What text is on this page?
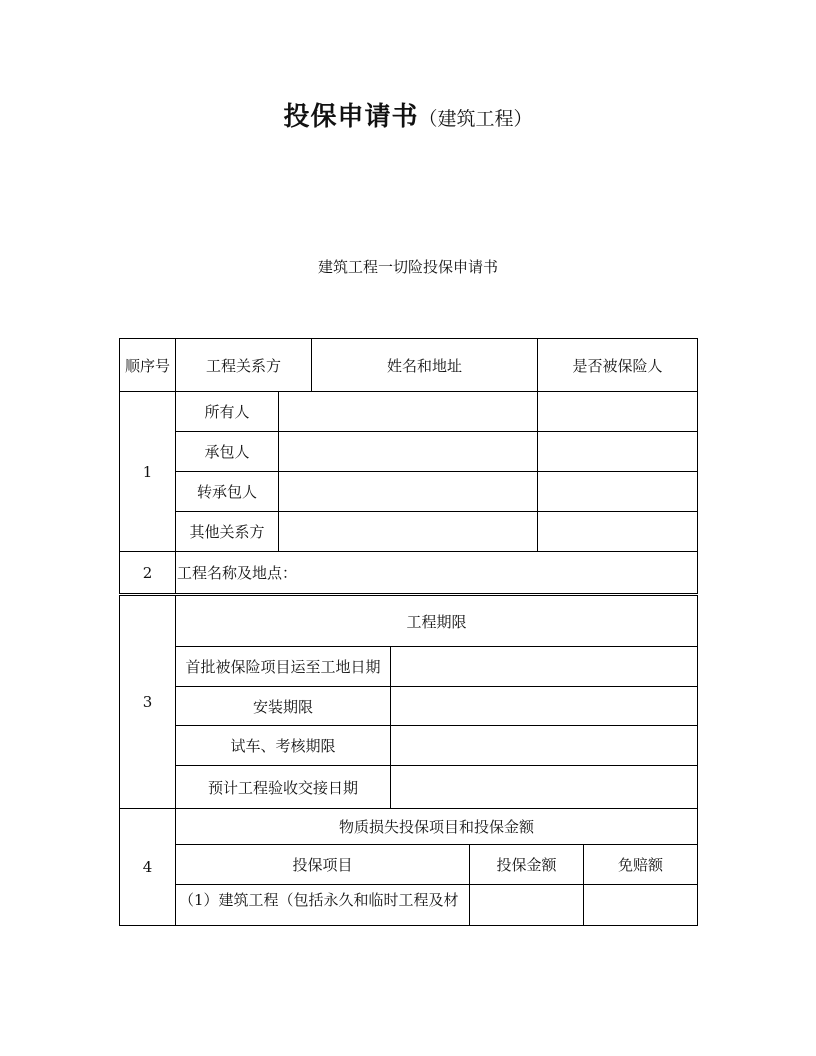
投保申请书（建筑工程）
建筑工程一切险投保申请书
顺序号	工程关系方		姓名和地址	是否被保险人
1	所有人			
	承包人			
	转承包人			
	其他关系方			
2	工程名称及地点：			
3	工程期限	
	首批被保险项目运至工地日期	
	安装期限	
	试车、考核期限	
	预计工程验收交接日期	
4	物质损失投保项目和投保金额		
	投保项目	投保金额	免赔额
	（1）建筑工程（包括永久和临时工程及材		
